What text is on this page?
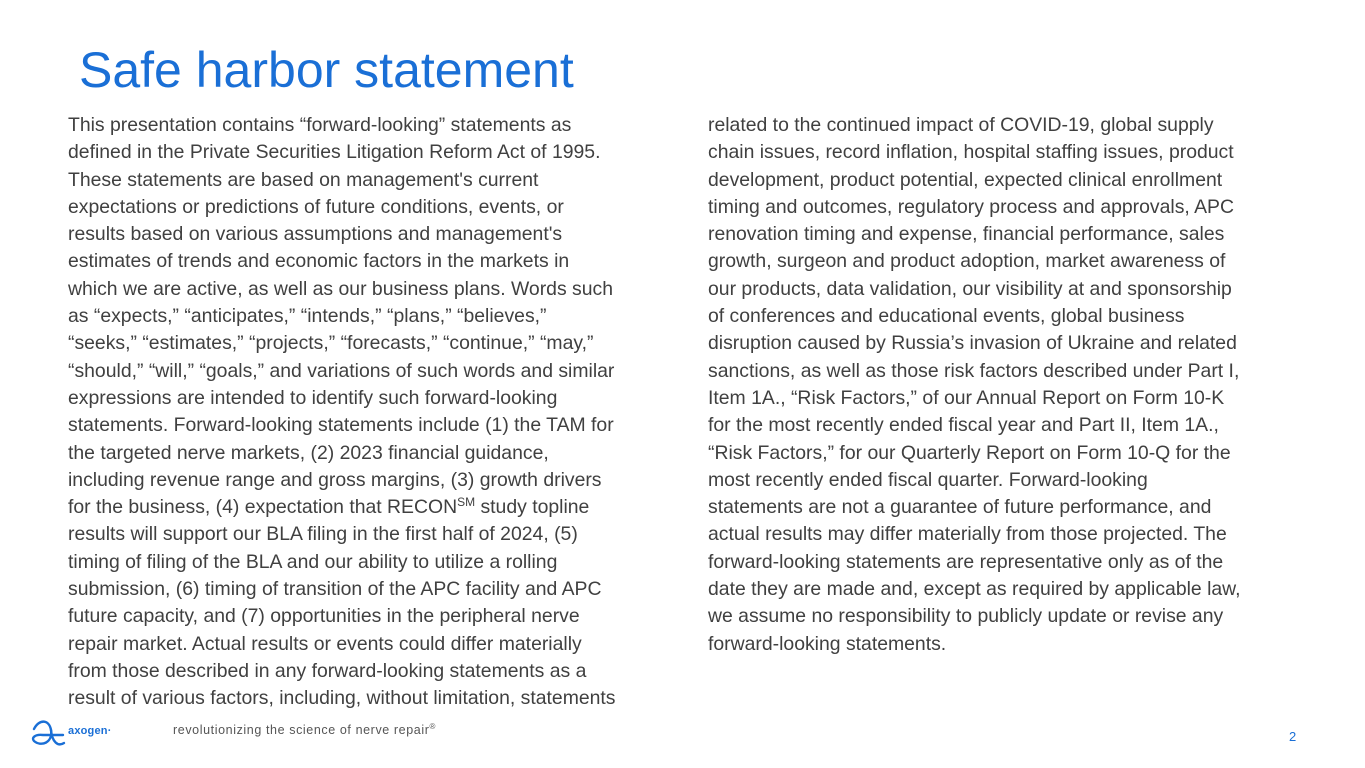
Safe harbor statement
This presentation contains “forward-looking” statements as
defined in the Private Securities Litigation Reform Act of 1995.
These statements are based on management's current
expectations or predictions of future conditions, events, or
results based on various assumptions and management's
estimates of trends and economic factors in the markets in
which we are active, as well as our business plans. Words such
as “expects,” “anticipates,” “intends,” “plans,” “believes,”
“seeks,” “estimates,” “projects,” “forecasts,” “continue,” “may,”
“should,” “will,” “goals,” and variations of such words and similar
expressions are intended to identify such forward-looking
statements. Forward-looking statements include (1) the TAM for
the targeted nerve markets, (2) 2023 financial guidance,
including revenue range and gross margins, (3) growth drivers
for the business, (4) expectation that RECON℠ study topline
results will support our BLA filing in the first half of 2024, (5)
timing of filing of the BLA and our ability to utilize a rolling
submission, (6) timing of transition of the APC facility and APC
future capacity, and (7) opportunities in the peripheral nerve
repair market. Actual results or events could differ materially
from those described in any forward-looking statements as a
result of various factors, including, without limitation, statements
related to the continued impact of COVID-19, global supply
chain issues, record inflation, hospital staffing issues, product
development, product potential, expected clinical enrollment
timing and outcomes, regulatory process and approvals, APC
renovation timing and expense, financial performance, sales
growth, surgeon and product adoption, market awareness of
our products, data validation, our visibility at and sponsorship
of conferences and educational events, global business
disruption caused by Russia’s invasion of Ukraine and related
sanctions, as well as those risk factors described under Part I,
Item 1A., “Risk Factors,” of our Annual Report on Form 10-K
for the most recently ended fiscal year and Part II, Item 1A.,
“Risk Factors,” for our Quarterly Report on Form 10-Q for the
most recently ended fiscal quarter. Forward-looking
statements are not a guarantee of future performance, and
actual results may differ materially from those projected. The
forward-looking statements are representative only as of the
date they are made and, except as required by applicable law,
we assume no responsibility to publicly update or revise any
forward-looking statements.
axogen·	revolutionizing the science of nerve repair®
2
